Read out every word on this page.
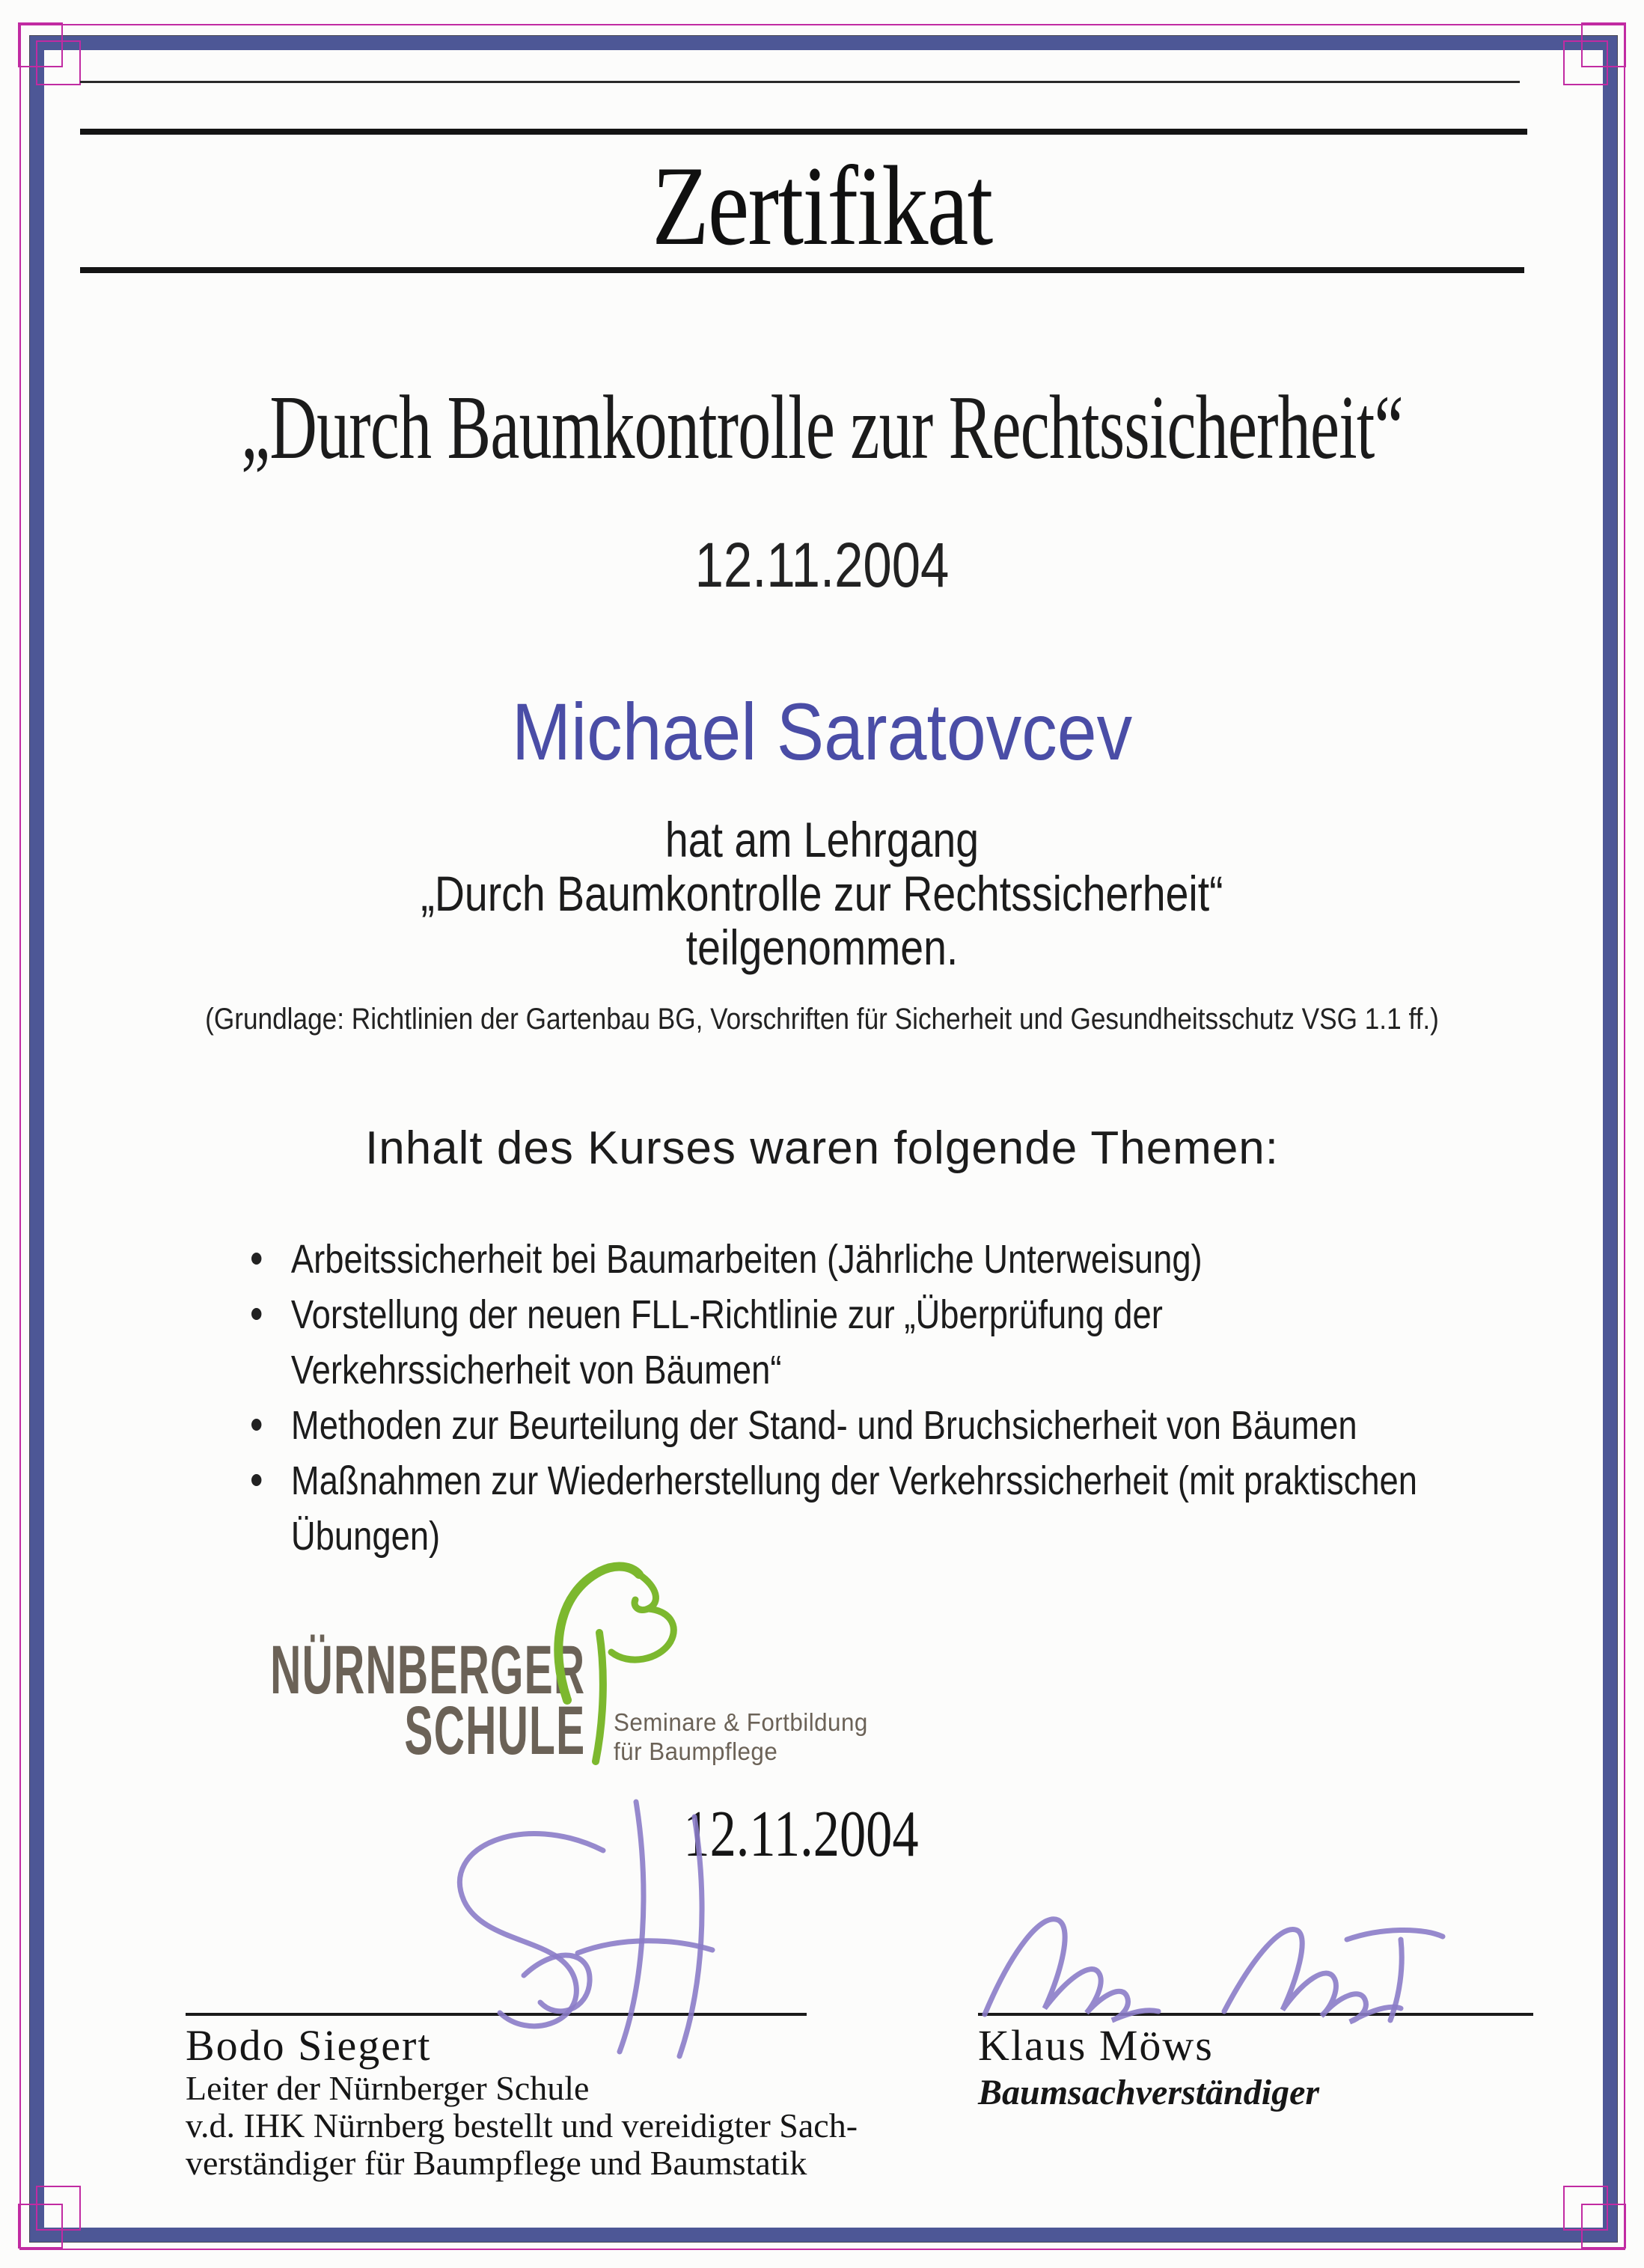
Zertifikat
„Durch Baumkontrolle zur Rechtssicherheit“
12.11.2004
Michael Saratovcev
hat am Lehrgang
„Durch Baumkontrolle zur Rechtssicherheit“
teilgenommen.
(Grundlage: Richtlinien der Gartenbau BG, Vorschriften für Sicherheit und Gesundheitsschutz VSG 1.1 ff.)
Inhalt des Kurses waren folgende Themen:
Arbeitssicherheit bei Baumarbeiten (Jährliche Unterweisung)
Vorstellung der neuen FLL-Richtlinie zur „Überprüfung der
Verkehrssicherheit von Bäumen“
Methoden zur Beurteilung der Stand- und Bruchsicherheit von Bäumen
Maßnahmen zur Wiederherstellung der Verkehrssicherheit (mit praktischen
Übungen)
NÜRNBERGER
SCHULE Seminare & Fortbildung
für Baumpflege
12.11.2004
Bodo Siegert
Leiter der Nürnberger Schule
v.d. IHK Nürnberg bestellt und vereidigter Sach-
verständiger für Baumpflege und Baumstatik
Klaus Möws
Baumsachverständiger
